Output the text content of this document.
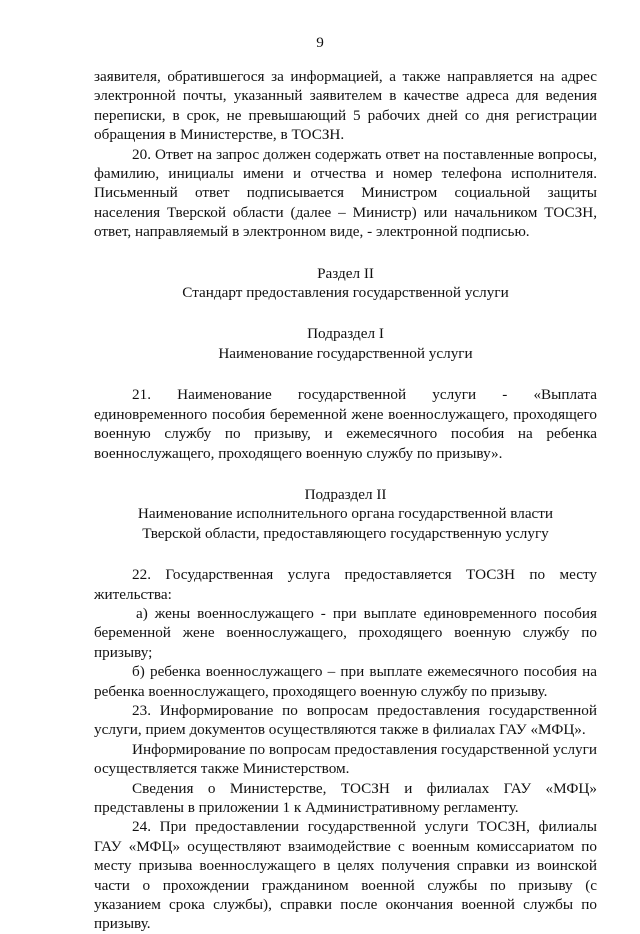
9

заявителя, обратившегося за информацией, а также направляется на адрес электронной почты, указанный заявителем в качестве адреса для ведения переписки, в срок, не превышающий 5 рабочих дней со дня регистрации обращения в Министерстве, в ТОСЗН.

20. Ответ на запрос должен содержать ответ на поставленные вопросы, фамилию, инициалы имени и отчества и номер телефона исполнителя. Письменный ответ подписывается Министром социальной защиты населения Тверской области (далее – Министр) или начальником ТОСЗН, ответ, направляемый в электронном виде, - электронной подписью.

Раздел II

Стандарт предоставления государственной услуги

Подраздел I

Наименование государственной услуги

21. Наименование государственной услуги - «Выплата единовременного пособия беременной жене военнослужащего, проходящего военную службу по призыву, и ежемесячного пособия на ребенка военнослужащего, проходящего военную службу по призыву».

Подраздел II

Наименование исполнительного органа государственной власти

Тверской области, предоставляющего государственную услугу

22. Государственная услуга предоставляется ТОСЗН по месту жительства:

а) жены военнослужащего - при выплате единовременного пособия беременной жене военнослужащего, проходящего военную службу по призыву;

б) ребенка военнослужащего – при выплате ежемесячного пособия на ребенка военнослужащего, проходящего военную службу по призыву.

23. Информирование по вопросам предоставления государственной услуги, прием документов осуществляются также в филиалах ГАУ «МФЦ».

Информирование по вопросам предоставления государственной услуги осуществляется также Министерством.

Сведения о Министерстве, ТОСЗН и филиалах ГАУ «МФЦ» представлены в приложении 1 к Административному регламенту.

24. При предоставлении государственной услуги ТОСЗН, филиалы ГАУ «МФЦ» осуществляют взаимодействие с военным комиссариатом по месту призыва военнослужащего в целях получения справки из воинской части о прохождении гражданином военной службы по призыву (с указанием срока службы), справки после окончания военной службы по призыву.
